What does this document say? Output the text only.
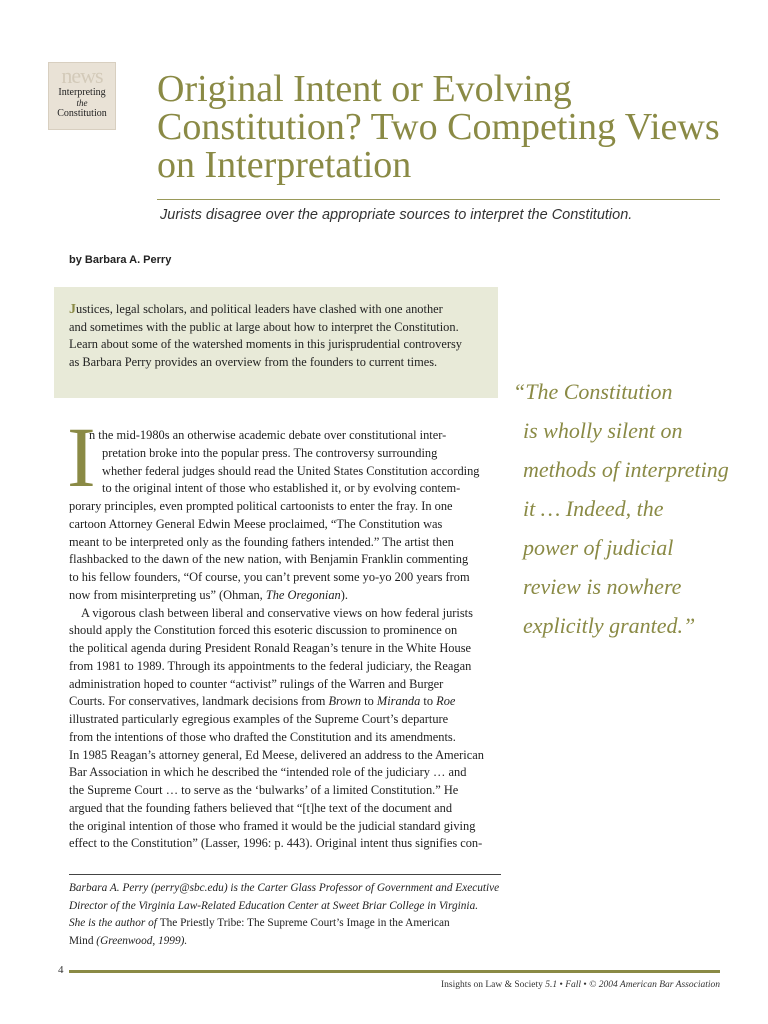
news
Interpreting
the
Constitution
Original Intent or Evolving Constitution? Two Competing Views on Interpretation
Jurists disagree over the appropriate sources to interpret the Constitution.
by Barbara A. Perry

Justices, legal scholars, and political leaders have clashed with one another

and sometimes with the public at large about how to interpret the Constitution.

Learn about some of the watershed moments in this jurisprudential controversy

as Barbara Perry provides an overview from the founders to current times.

“The Constitution
is wholly silent on
methods of interpreting
it … Indeed, the
power of judicial
review is nowhere
explicitly granted.”
I
n the mid-1980s an otherwise academic debate over constitutional inter-
pretation broke into the popular press. The controversy surrounding
whether federal judges should read the United States Constitution according
to the original intent of those who established it, or by evolving contem-
porary principles, even prompted political cartoonists to enter the fray. In one
cartoon Attorney General Edwin Meese proclaimed, “The Constitution was
meant to be interpreted only as the founding fathers intended.” The artist then
flashbacked to the dawn of the new nation, with Benjamin Franklin commenting
to his fellow founders, “Of course, you can’t prevent some yo-yo 200 years from
now from misinterpreting us” (Ohman, The Oregonian).
A vigorous clash between liberal and conservative views on how federal jurists
should apply the Constitution forced this esoteric discussion to prominence on
the political agenda during President Ronald Reagan’s tenure in the White House
from 1981 to 1989. Through its appointments to the federal judiciary, the Reagan
administration hoped to counter “activist” rulings of the Warren and Burger
Courts. For conservatives, landmark decisions from Brown to Miranda to Roe
illustrated particularly egregious examples of the Supreme Court’s departure
from the intentions of those who drafted the Constitution and its amendments.
In 1985 Reagan’s attorney general, Ed Meese, delivered an address to the American
Bar Association in which he described the “intended role of the judiciary … and
the Supreme Court … to serve as the ‘bulwarks’ of a limited Constitution.” He
argued that the founding fathers believed that “[t]he text of the document and
the original intention of those who framed it would be the judicial standard giving
effect to the Constitution” (Lasser, 1996: p. 443). Original intent thus signifies con-
Barbara A. Perry (perry@sbc.edu) is the Carter Glass Professor of Government and Executive
Director of the Virginia Law-Related Education Center at Sweet Briar College in Virginia.
She is the author of The Priestly Tribe: The Supreme Court’s Image in the American
Mind (Greenwood, 1999).
4
Insights on Law & Society 5.1 • Fall • © 2004 American Bar Association
